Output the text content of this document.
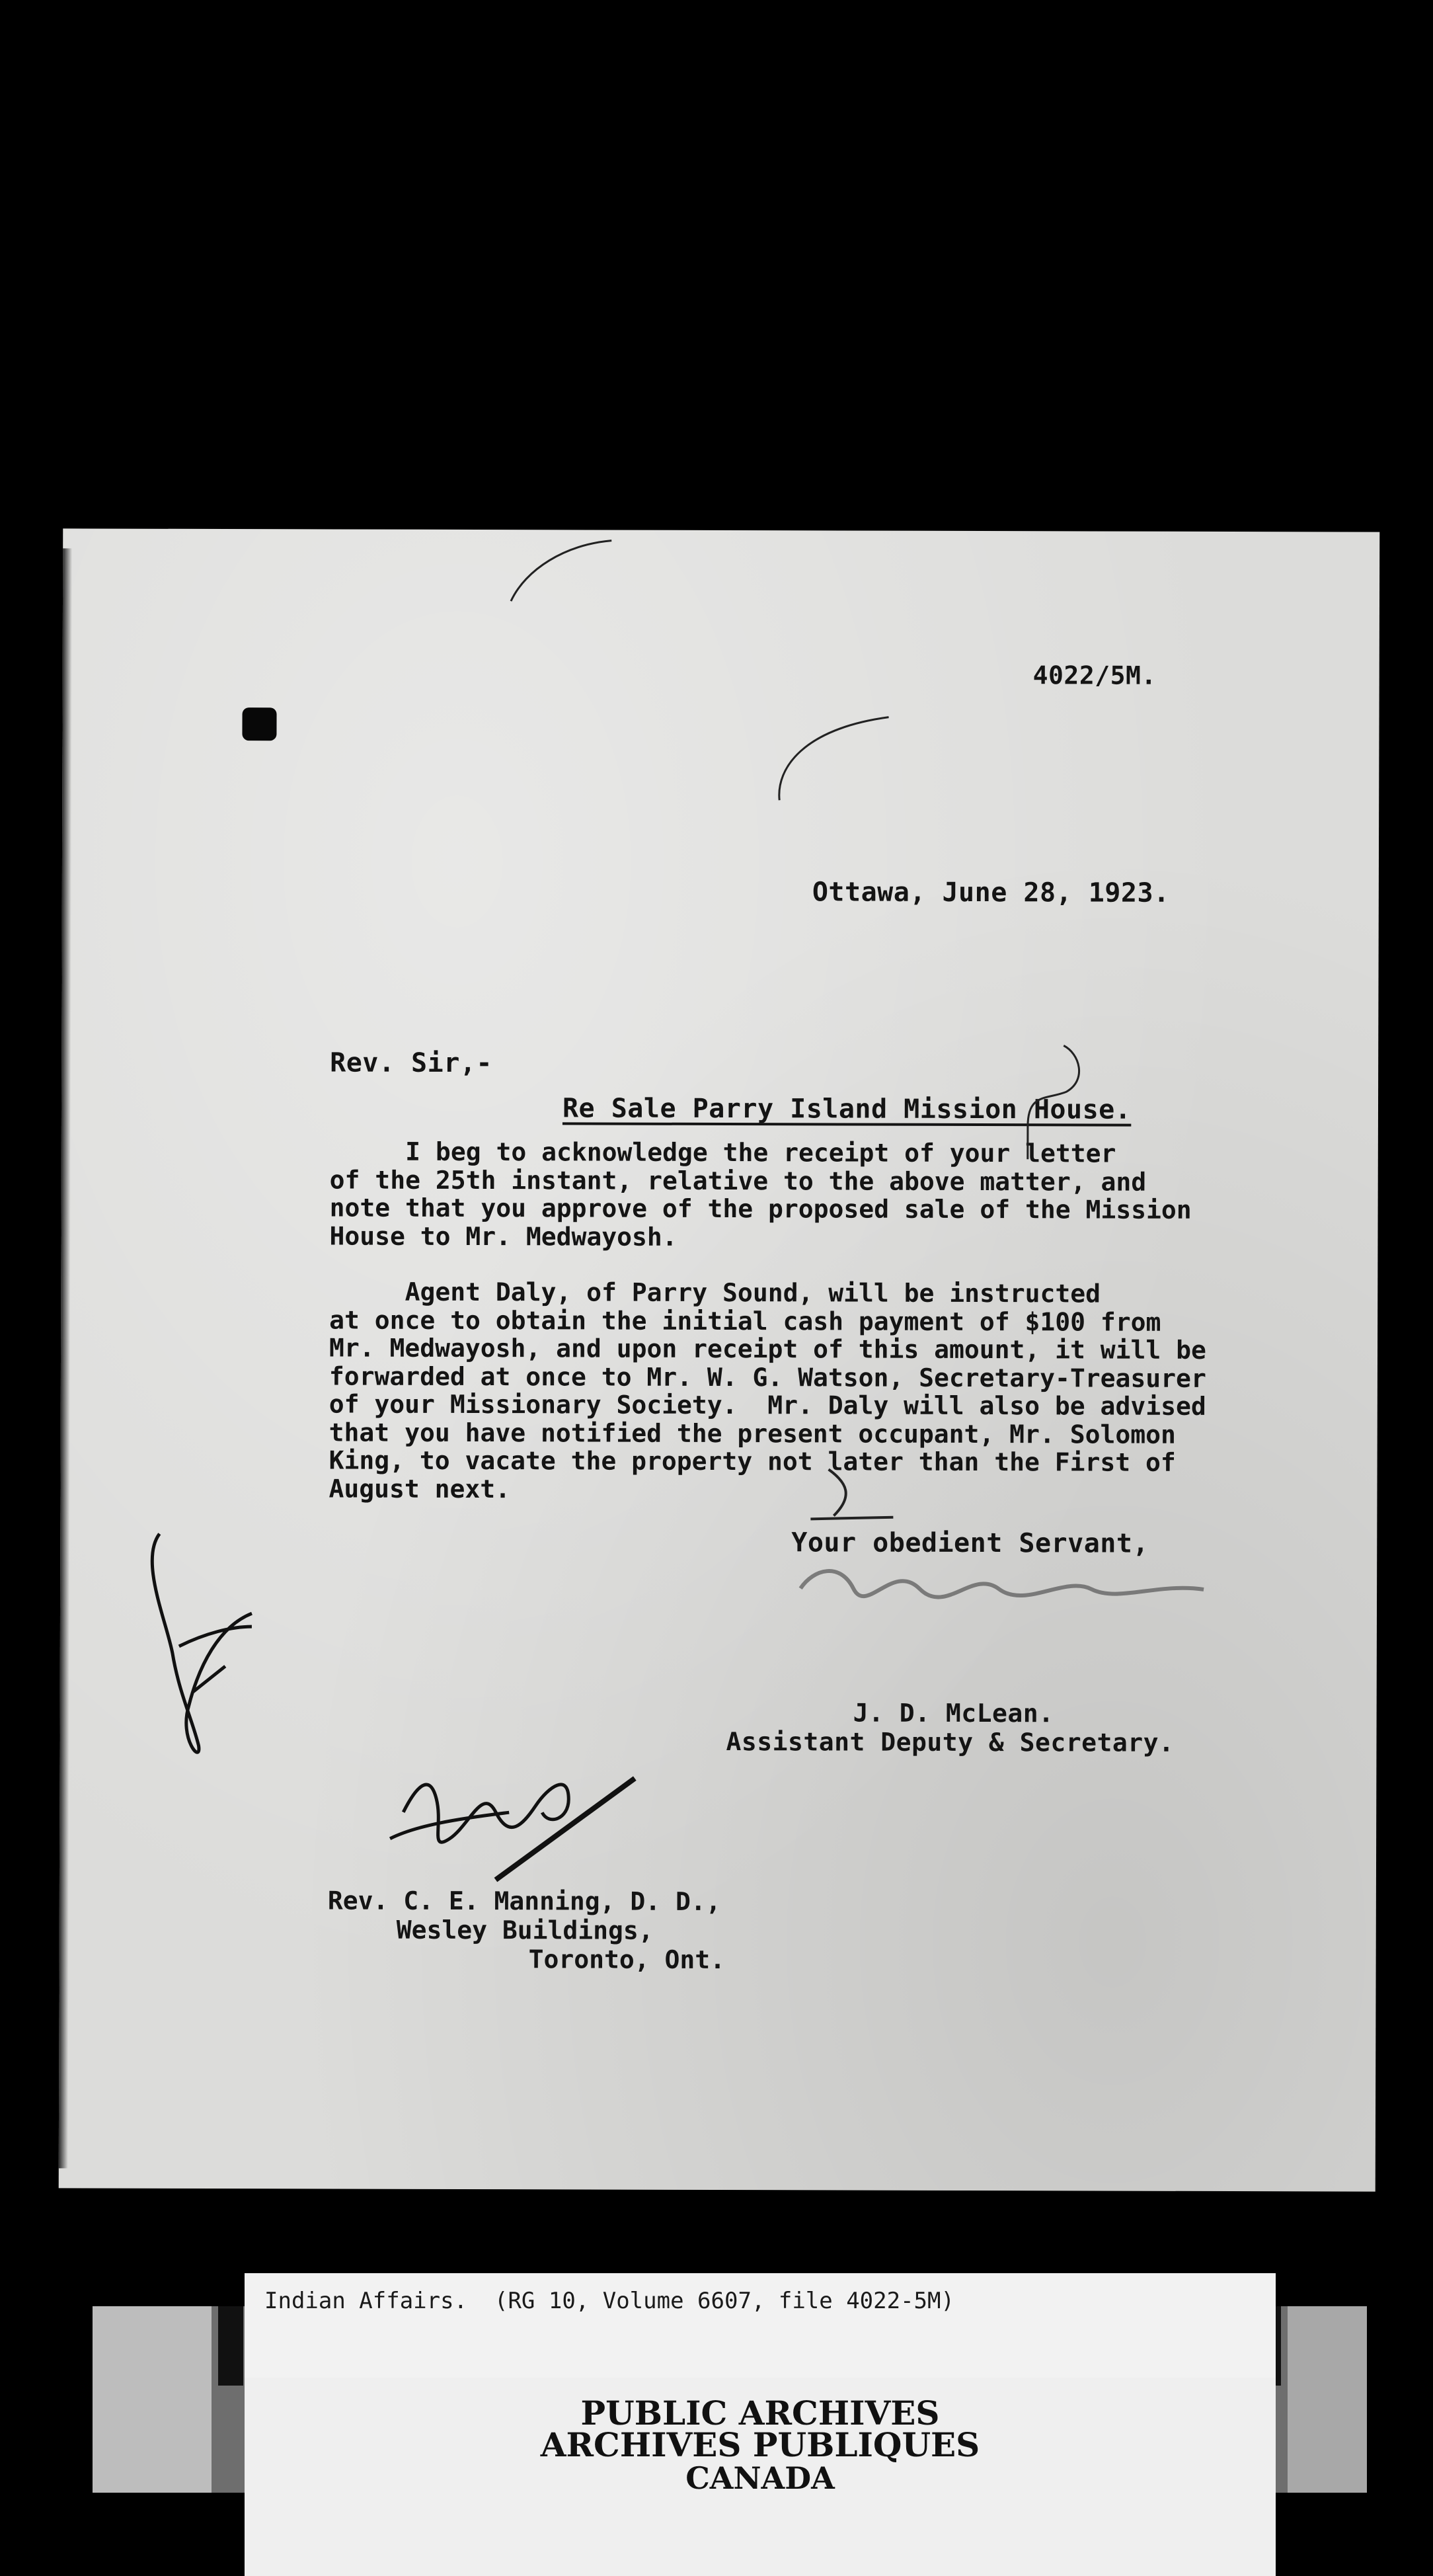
4022/5M.
Ottawa, June 28, 1923.
Rev. Sir,-
Re Sale Parry Island Mission House.
I beg to acknowledge the receipt of your letter
of the 25th instant, relative to the above matter, and
note that you approve of the proposed sale of the Mission
House to Mr. Medwayosh.
Agent Daly, of Parry Sound, will be instructed
at once to obtain the initial cash payment of $100 from
Mr. Medwayosh, and upon receipt of this amount, it will be
forwarded at once to Mr. W. G. Watson, Secretary-Treasurer
of your Missionary Society.  Mr. Daly will also be advised
that you have notified the present occupant, Mr. Solomon
King, to vacate the property not later than the First of
August next.
Your obedient Servant,
J. D. McLean.
Assistant Deputy & Secretary.
Rev. C. E. Manning, D. D.,
Wesley Buildings,
Toronto, Ont.
Indian Affairs.  (RG 10, Volume 6607, file 4022-5M)
PUBLIC ARCHIVES
ARCHIVES PUBLIQUES
CANADA
